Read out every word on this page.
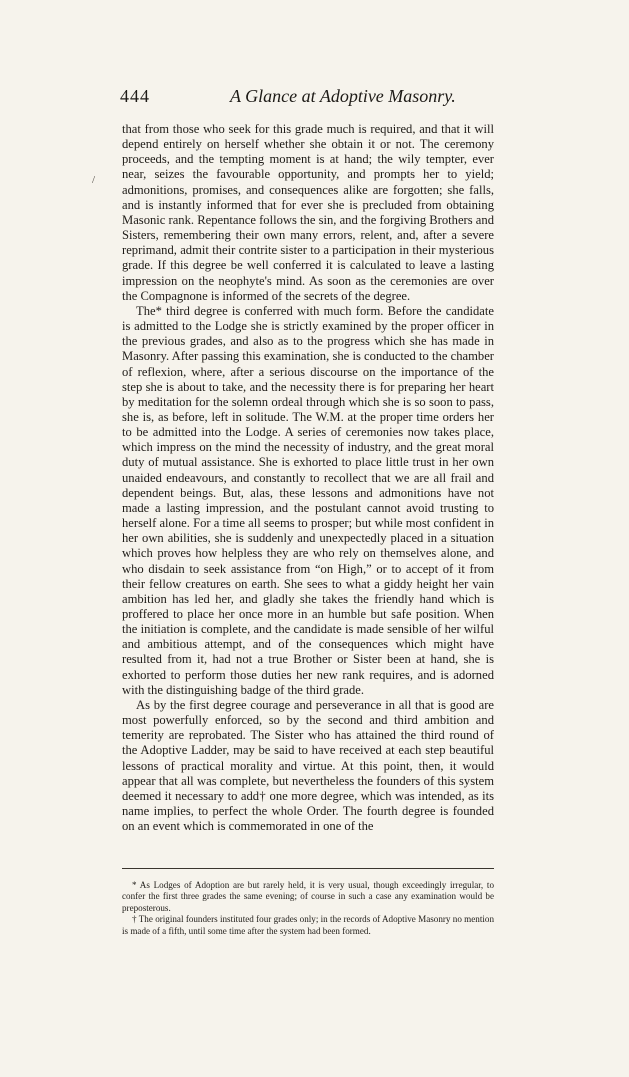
444	A Glance at Adoptive Masonry.
/

that from those who seek for this grade much is required, and that it will depend entirely on herself whether she obtain it or not. The ceremony proceeds, and the tempting moment is at hand; the wily tempter, ever near, seizes the favourable opportunity, and prompts her to yield; admonitions, promises, and consequences alike are forgotten; she falls, and is instantly informed that for ever she is precluded from obtaining Masonic rank. Repentance follows the sin, and the forgiving Brothers and Sisters, remembering their own many errors, relent, and, after a severe reprimand, admit their contrite sister to a participation in their mysterious grade. If this degree be well conferred it is calculated to leave a lasting impression on the neophyte's mind. As soon as the ceremonies are over the Compagnone is informed of the secrets of the degree.

The* third degree is conferred with much form. Before the candidate is admitted to the Lodge she is strictly examined by the proper officer in the previous grades, and also as to the progress which she has made in Masonry. After passing this examination, she is conducted to the chamber of reflexion, where, after a serious discourse on the importance of the step she is about to take, and the necessity there is for preparing her heart by meditation for the solemn ordeal through which she is so soon to pass, she is, as before, left in solitude. The W.M. at the proper time orders her to be admitted into the Lodge. A series of ceremonies now takes place, which impress on the mind the necessity of industry, and the great moral duty of mutual assistance. She is exhorted to place little trust in her own unaided endeavours, and constantly to recollect that we are all frail and dependent beings. But, alas, these lessons and admonitions have not made a lasting impression, and the postulant cannot avoid trusting to herself alone. For a time all seems to prosper; but while most confident in her own abilities, she is suddenly and unexpectedly placed in a situation which proves how helpless they are who rely on themselves alone, and who disdain to seek assistance from “on High,” or to accept of it from their fellow creatures on earth. She sees to what a giddy height her vain ambition has led her, and gladly she takes the friendly hand which is proffered to place her once more in an humble but safe position. When the initiation is complete, and the candidate is made sensible of her wilful and ambitious attempt, and of the consequences which might have resulted from it, had not a true Brother or Sister been at hand, she is exhorted to perform those duties her new rank requires, and is adorned with the distinguishing badge of the third grade.

As by the first degree courage and perseverance in all that is good are most powerfully enforced, so by the second and third ambition and temerity are reprobated. The Sister who has attained the third round of the Adoptive Ladder, may be said to have received at each step beautiful lessons of practical morality and virtue. At this point, then, it would appear that all was complete, but nevertheless the founders of this system deemed it necessary to add† one more degree, which was intended, as its name implies, to perfect the whole Order. The fourth degree is founded on an event which is commemorated in one of the

* As Lodges of Adoption are but rarely held, it is very usual, though exceedingly irregular, to confer the first three grades the same evening; of course in such a case any examination would be preposterous.

† The original founders instituted four grades only; in the records of Adoptive Masonry no mention is made of a fifth, until some time after the system had been formed.
